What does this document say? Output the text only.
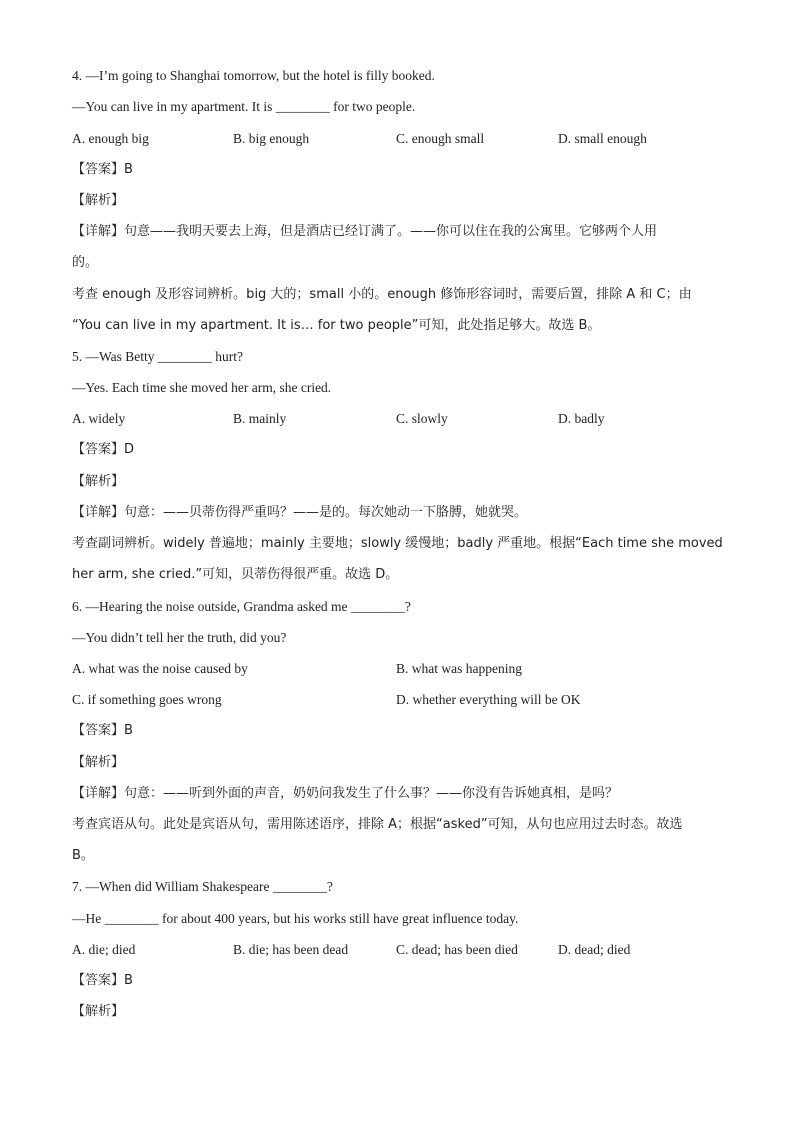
4. —I’m going to Shanghai tomorrow, but the hotel is filly booked.
—You can live in my apartment. It is ________ for two people.
A. enough big	B. big enough	C. enough small	D. small enough
【答案】B
【解析】
【详解】句意——我明天要去上海，但是酒店已经订满了。——你可以住在我的公寓里。它够两个人用
的。
考查 enough 及形容词辨析。big 大的；small 小的。enough 修饰形容词时，需要后置，排除 A 和 C；由
“You can live in my apartment. It is… for two people”可知，此处指足够大。故选 B。
5. —Was Betty ________ hurt?
—Yes. Each time she moved her arm, she cried.
A. widely	B. mainly	C. slowly	D. badly
【答案】D
【解析】
【详解】句意：——贝蒂伤得严重吗？——是的。每次她动一下胳膊，她就哭。
考查副词辨析。widely 普遍地；mainly 主要地；slowly 缓慢地；badly 严重地。根据“Each time she moved
her arm, she cried.”可知，贝蒂伤得很严重。故选 D。
6. —Hearing the noise outside, Grandma asked me ________?
—You didn’t tell her the truth, did you?
A. what was the noise caused by	B. what was happening
C. if something goes wrong	D. whether everything will be OK
【答案】B
【解析】
【详解】句意：——听到外面的声音，奶奶问我发生了什么事？——你没有告诉她真相，是吗？
考查宾语从句。此处是宾语从句，需用陈述语序，排除 A；根据“asked”可知，从句也应用过去时态。故选
B。
7. —When did William Shakespeare ________?
—He ________ for about 400 years, but his works still have great influence today.
A. die; died	B. die; has been dead	C. dead; has been died	D. dead; died
【答案】B
【解析】
